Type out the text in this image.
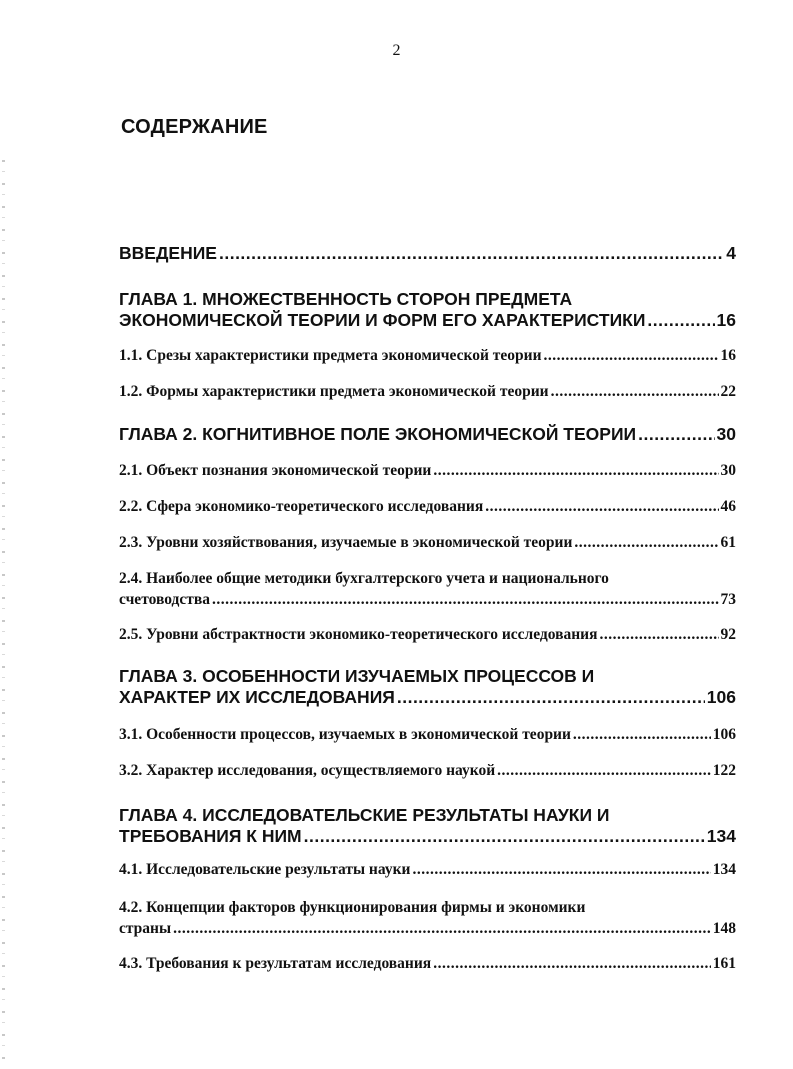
2
СОДЕРЖАНИЕ
ВВЕДЕНИЕ .....	4
ГЛАВА 1. МНОЖЕСТВЕННОСТЬ СТОРОН ПРЕДМЕТА
ЭКОНОМИЧЕСКОЙ ТЕОРИИ И ФОРМ ЕГО ХАРАКТЕРИСТИКИ .....	16
1.1. Срезы характеристики предмета экономической теории .....	16
1.2. Формы характеристики предмета экономической теории .....	22
ГЛАВА 2. КОГНИТИВНОЕ ПОЛЕ ЭКОНОМИЧЕСКОЙ ТЕОРИИ .....	30
2.1. Объект познания экономической теории .....	30
2.2. Сфера экономико-теоретического исследования .....	46
2.3. Уровни хозяйствования, изучаемые в экономической теории .....	61
2.4. Наиболее общие методики бухгалтерского учета и национального
счетоводства .....	73
2.5. Уровни абстрактности экономико-теоретического исследования .....	92
ГЛАВА 3. ОСОБЕННОСТИ ИЗУЧАЕМЫХ ПРОЦЕССОВ И
ХАРАКТЕР ИХ ИССЛЕДОВАНИЯ .....	106
3.1. Особенности процессов, изучаемых в экономической теории .....	106
3.2. Характер исследования, осуществляемого наукой .....	122
ГЛАВА 4. ИССЛЕДОВАТЕЛЬСКИЕ РЕЗУЛЬТАТЫ НАУКИ И
ТРЕБОВАНИЯ К НИМ .....	134
4.1. Исследовательские результаты науки .....	134
4.2. Концепции факторов функционирования фирмы и экономики
страны .....	148
4.3. Требования к результатам исследования .....	161
